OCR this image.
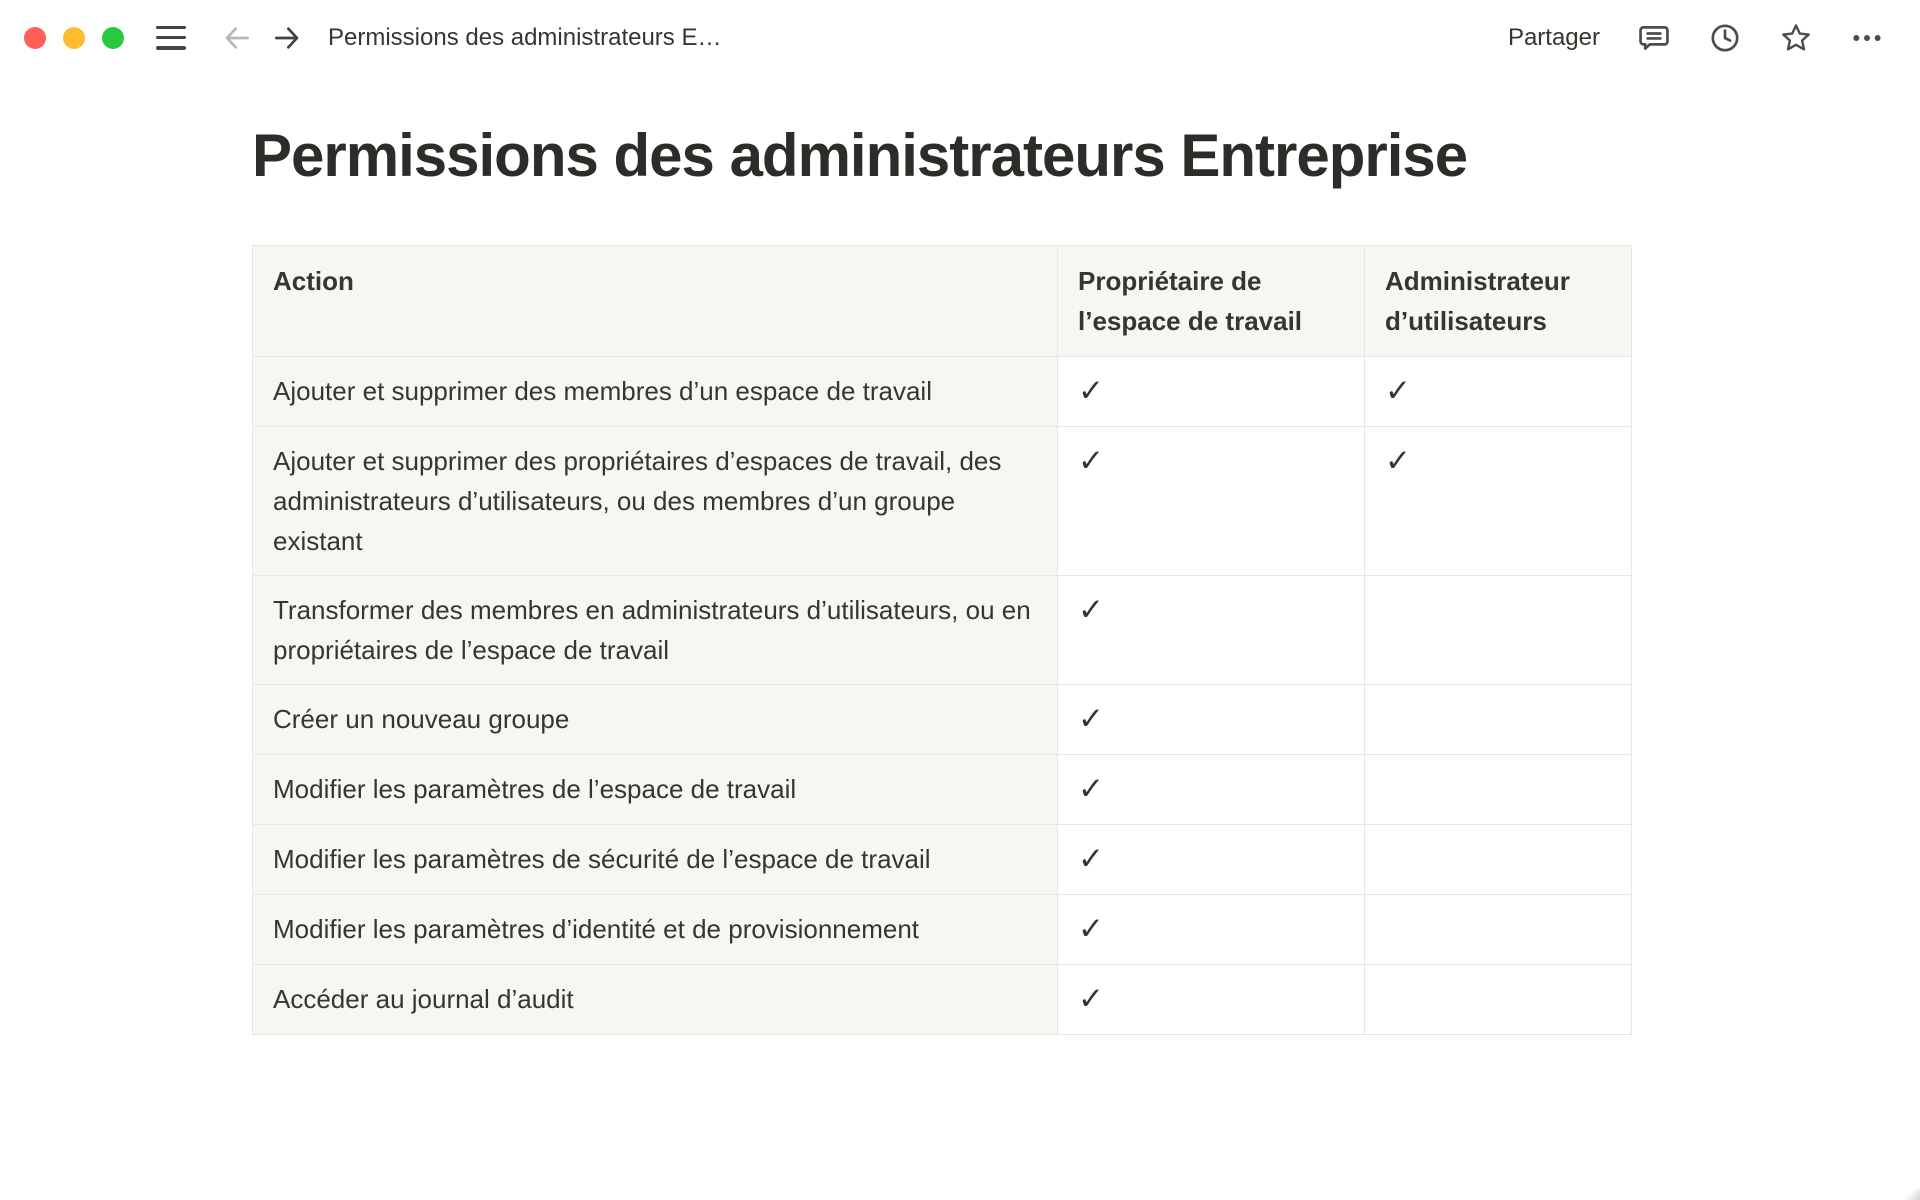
Permissions des administrateurs E…	Partager
Permissions des administrateurs Entreprise
Action	Propriétaire de l’espace de travail	Administrateur d’utilisateurs
Ajouter et supprimer des membres d’un espace de travail	✓	✓
Ajouter et supprimer des propriétaires d’espaces de travail, des administrateurs d’utilisateurs, ou des membres d’un groupe existant	✓	✓
Transformer des membres en administrateurs d’utilisateurs, ou en propriétaires de l’espace de travail	✓	
Créer un nouveau groupe	✓	
Modifier les paramètres de l’espace de travail	✓	
Modifier les paramètres de sécurité de l’espace de travail	✓	
Modifier les paramètres d’identité et de provisionnement	✓	
Accéder au journal d’audit	✓	
